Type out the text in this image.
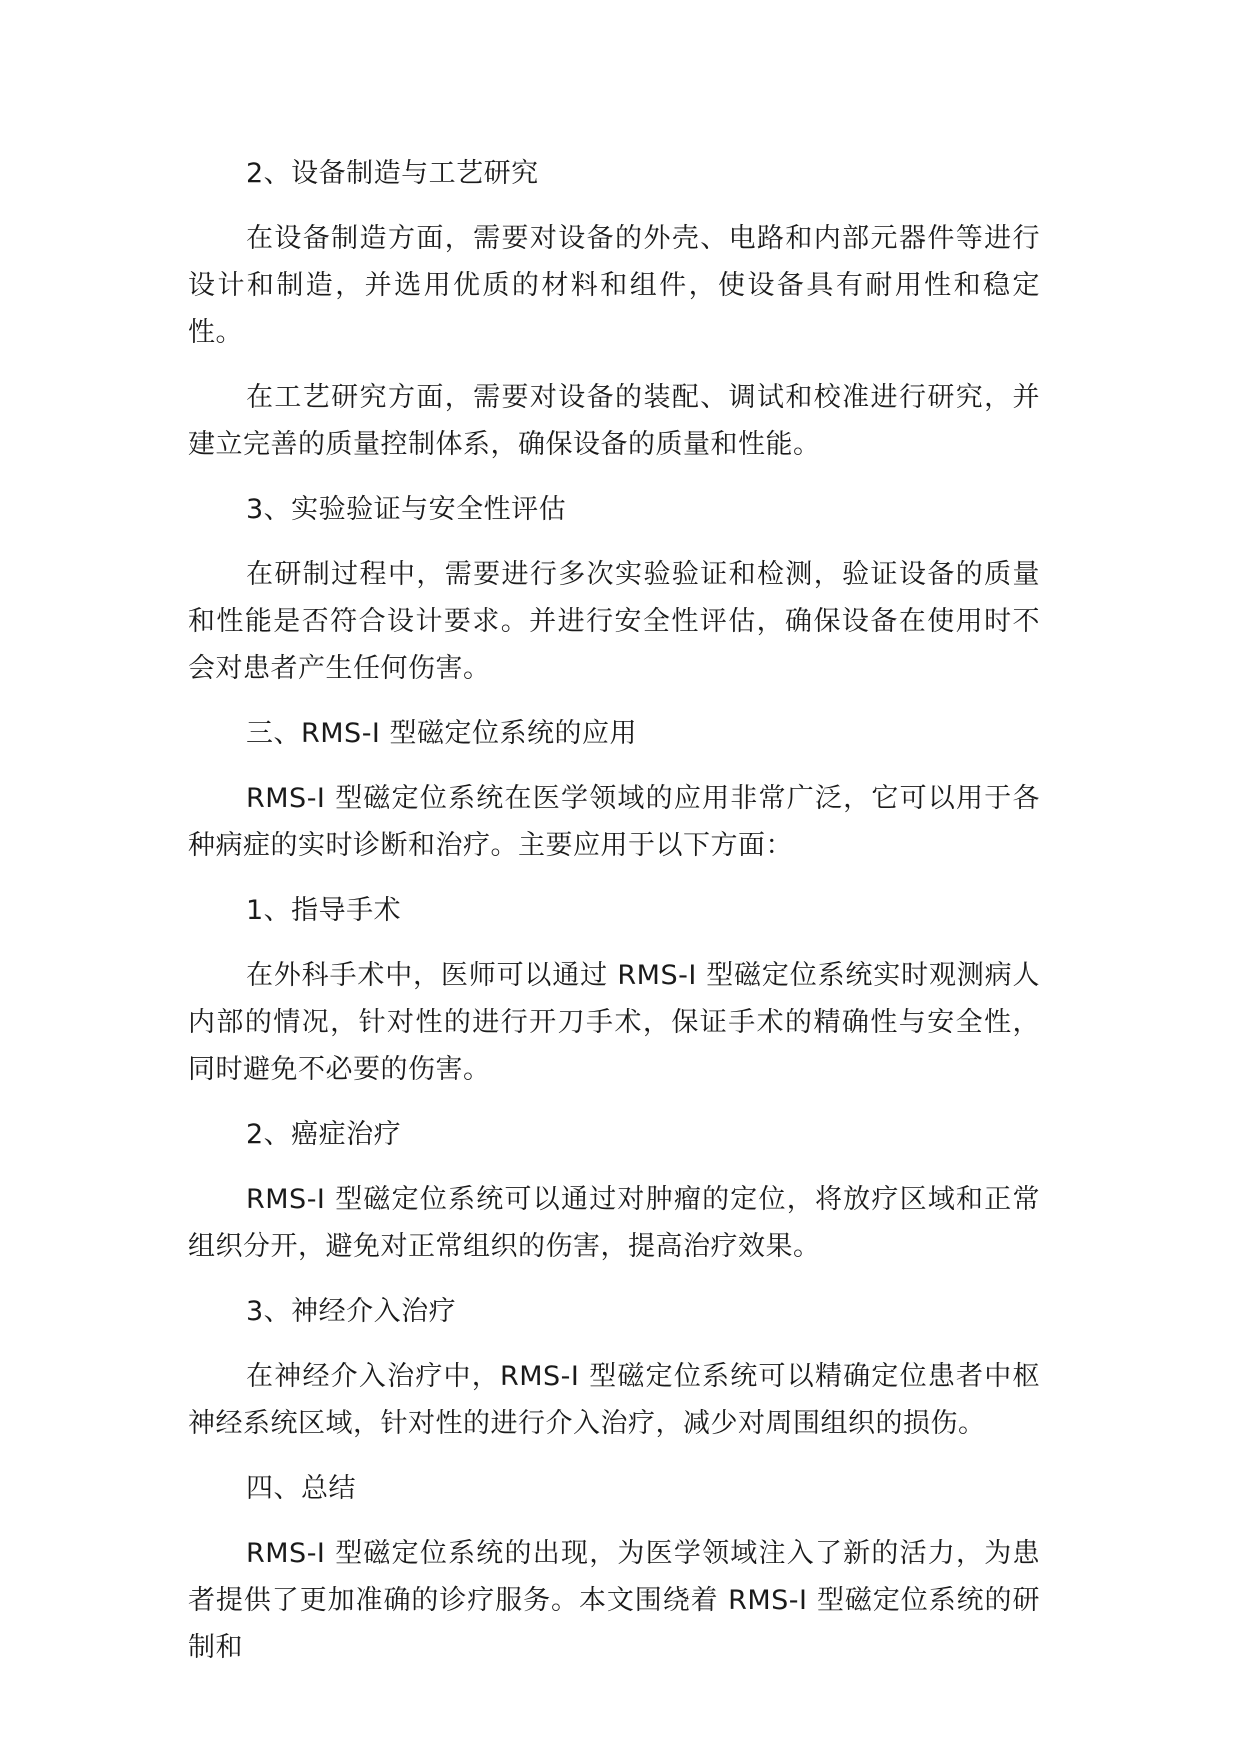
2、设备制造与工艺研究

在设备制造方面，需要对设备的外壳、电路和内部元器件等进行设计和制造，并选用优质的材料和组件，使设备具有耐用性和稳定性。

在工艺研究方面，需要对设备的装配、调试和校准进行研究，并建立完善的质量控制体系，确保设备的质量和性能。

3、实验验证与安全性评估

在研制过程中，需要进行多次实验验证和检测，验证设备的质量和性能是否符合设计要求。并进行安全性评估，确保设备在使用时不会对患者产生任何伤害。

三、RMS-I 型磁定位系统的应用

RMS-I 型磁定位系统在医学领域的应用非常广泛，它可以用于各种病症的实时诊断和治疗。主要应用于以下方面：

1、指导手术

在外科手术中，医师可以通过 RMS-I 型磁定位系统实时观测病人内部的情况，针对性的进行开刀手术，保证手术的精确性与安全性，同时避免不必要的伤害。

2、癌症治疗

RMS-I 型磁定位系统可以通过对肿瘤的定位，将放疗区域和正常组织分开，避免对正常组织的伤害，提高治疗效果。

3、神经介入治疗

在神经介入治疗中，RMS-I 型磁定位系统可以精确定位患者中枢神经系统区域，针对性的进行介入治疗，减少对周围组织的损伤。

四、总结

RMS-I 型磁定位系统的出现，为医学领域注入了新的活力，为患者提供了更加准确的诊疗服务。本文围绕着 RMS-I 型磁定位系统的研制和
